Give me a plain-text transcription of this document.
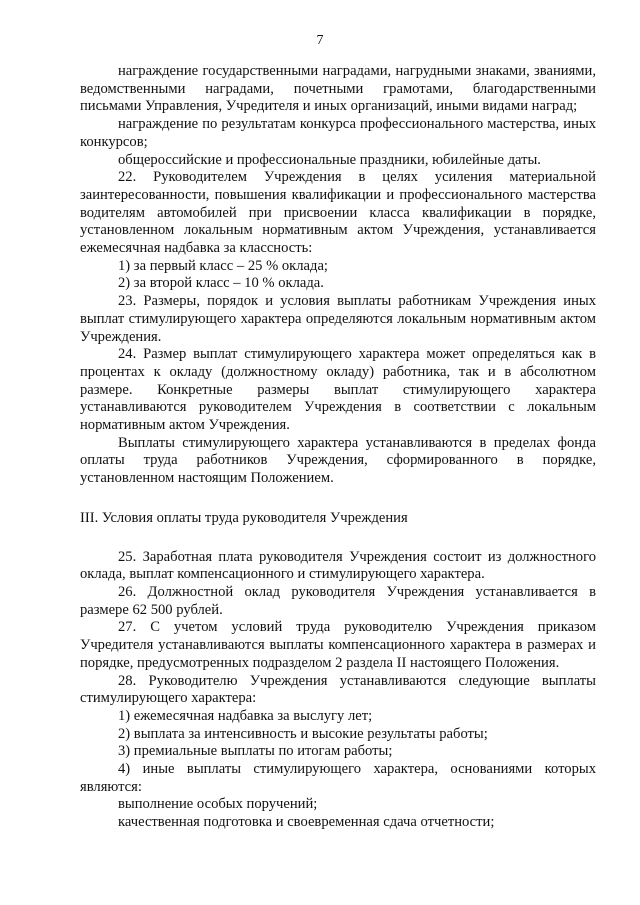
7

награждение государственными наградами, нагрудными знаками, званиями, ведомственными наградами, почетными грамотами, благодарственными письмами Управления, Учредителя и иных организаций, иными видами наград;

награждение по результатам конкурса профессионального мастерства, иных конкурсов;

общероссийские и профессиональные праздники, юбилейные даты.

22. Руководителем Учреждения в целях усиления материальной заинтересованности, повышения квалификации и профессионального мастерства водителям автомобилей при присвоении класса квалификации в порядке, установленном локальным нормативным актом Учреждения, устанавливается ежемесячная надбавка за классность:

1) за первый класс – 25 % оклада;

2) за второй класс – 10 % оклада.

23. Размеры, порядок и условия выплаты работникам Учреждения иных выплат стимулирующего характера определяются локальным нормативным актом Учреждения.

24. Размер выплат стимулирующего характера может определяться как в процентах к окладу (должностному окладу) работника, так и в абсолютном размере. Конкретные размеры выплат стимулирующего характера устанавливаются руководителем Учреждения в соответствии с локальным нормативным актом Учреждения.

Выплаты стимулирующего характера устанавливаются в пределах фонда оплаты труда работников Учреждения, сформированного в порядке, установленном настоящим Положением.

III. Условия оплаты труда руководителя Учреждения

25. Заработная плата руководителя Учреждения состоит из должностного оклада, выплат компенсационного и стимулирующего характера.

26. Должностной оклад руководителя Учреждения устанавливается в размере 62 500 рублей.

27. С учетом условий труда руководителю Учреждения приказом Учредителя устанавливаются выплаты компенсационного характера в размерах и порядке, предусмотренных подразделом 2 раздела II настоящего Положения.

28. Руководителю Учреждения устанавливаются следующие выплаты стимулирующего характера:

1) ежемесячная надбавка за выслугу лет;

2) выплата за интенсивность и высокие результаты работы;

3) премиальные выплаты по итогам работы;

4) иные выплаты стимулирующего характера, основаниями которых являются:

выполнение особых поручений;

качественная подготовка и своевременная сдача отчетности;
